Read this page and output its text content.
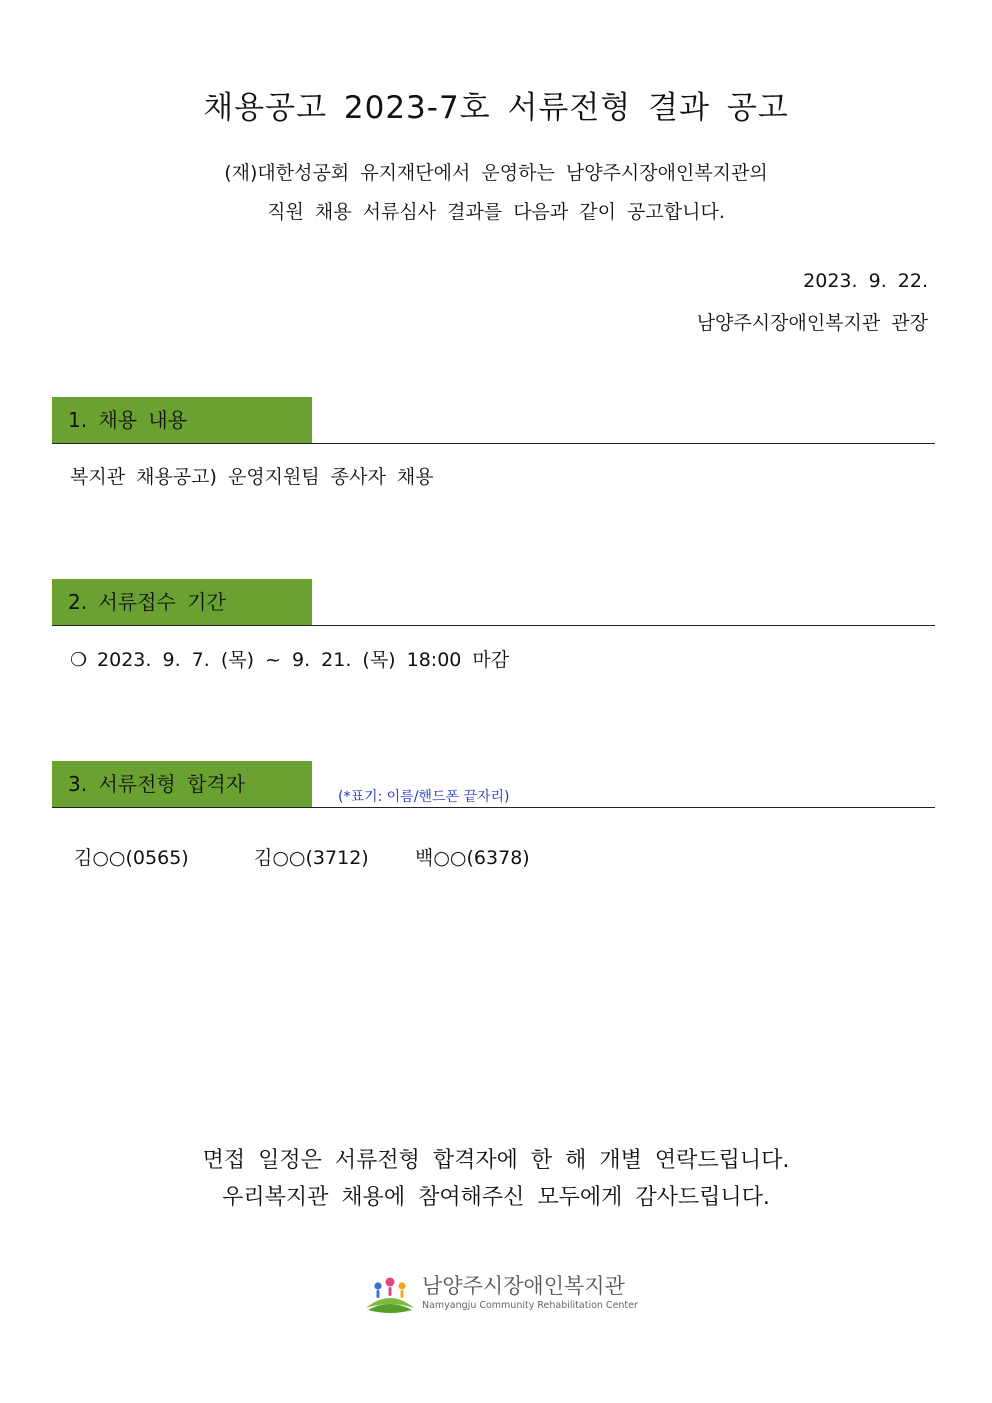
채용공고 2023-7호 서류전형 결과 공고
(재)대한성공회 유지재단에서 운영하는 남양주시장애인복지관의
직원 채용 서류심사 결과를 다음과 같이 공고합니다.
2023. 9. 22.
남양주시장애인복지관 관장
1. 채용 내용
복지관 채용공고) 운영지원팀 종사자 채용
2. 서류접수 기간
❍ 2023. 9. 7. (목) ~ 9. 21. (목) 18:00 마감
3. 서류전형 합격자
(*표기: 이름/핸드폰 끝자리)
김○○(0565)	김○○(3712) 백○○(6378)
면접 일정은 서류전형 합격자에 한 해 개별 연락드립니다.
우리복지관 채용에 참여해주신 모두에게 감사드립니다.
남양주시장애인복지관
Namyangju Community Rehabilitation Center
